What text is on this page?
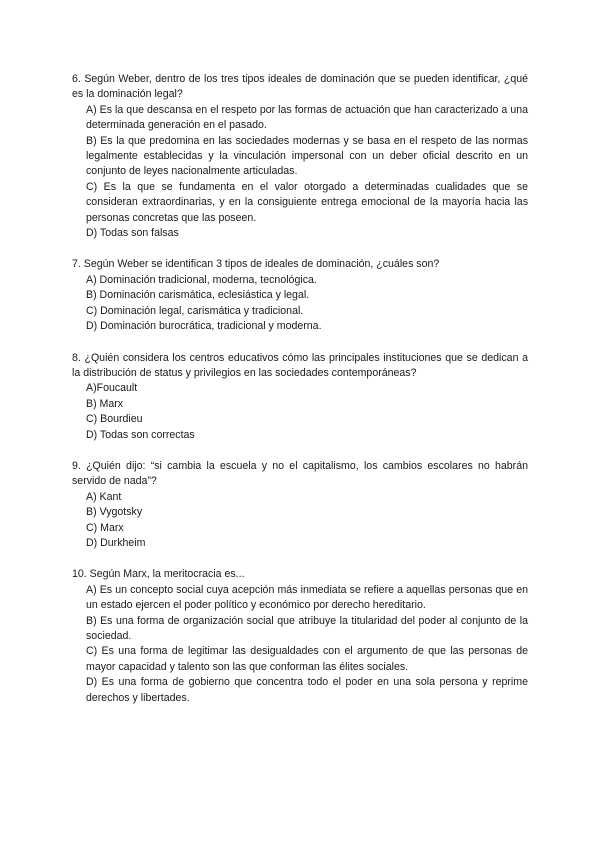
6. Según Weber, dentro de los tres tipos ideales de dominación que se pueden identificar, ¿qué es la dominación legal?

A) Es la que descansa en el respeto por las formas de actuación que han caracterizado a una determinada generación en el pasado.

B) Es la que predomina en las sociedades modernas y se basa en el respeto de las normas legalmente establecidas y la vinculación impersonal con un deber oficial descrito en un conjunto de leyes nacionalmente articuladas.

C) Es la que se fundamenta en el valor otorgado a determinadas cualidades que se consideran extraordinarias, y en la consiguiente entrega emocional de la mayoría hacia las personas concretas que las poseen.

D) Todas son falsas

7. Según Weber se identifican 3 tipos de ideales de dominación, ¿cuáles son?

A) Dominación tradicional, moderna, tecnológica.

B) Dominación carismática, eclesiástica y legal.

C) Dominación legal, carismática y tradicional.

D) Dominación burocrática, tradicional y moderna.

8. ¿Quién considera los centros educativos cómo las principales instituciones que se dedican a la distribución de status y privilegios en las sociedades contemporáneas?

A)Foucault

B) Marx

C) Bourdieu

D) Todas son correctas

9. ¿Quién dijo: “si cambia la escuela y no el capitalismo, los cambios escolares no habrán servido de nada”?

A) Kant

B) Vygotsky

C) Marx

D) Durkheim

10. Según Marx, la meritocracia es...

A) Es un concepto social cuya acepción más inmediata se refiere a aquellas personas que en un estado ejercen el poder político y económico por derecho hereditario.

B) Es una forma de organización social que atribuye la titularidad del poder al conjunto de la sociedad.

C) Es una forma de legitimar las desigualdades con el argumento de que las personas de mayor capacidad y talento son las que conforman las élites sociales.

D) Es una forma de gobierno que concentra todo el poder en una sola persona y reprime derechos y libertades.
